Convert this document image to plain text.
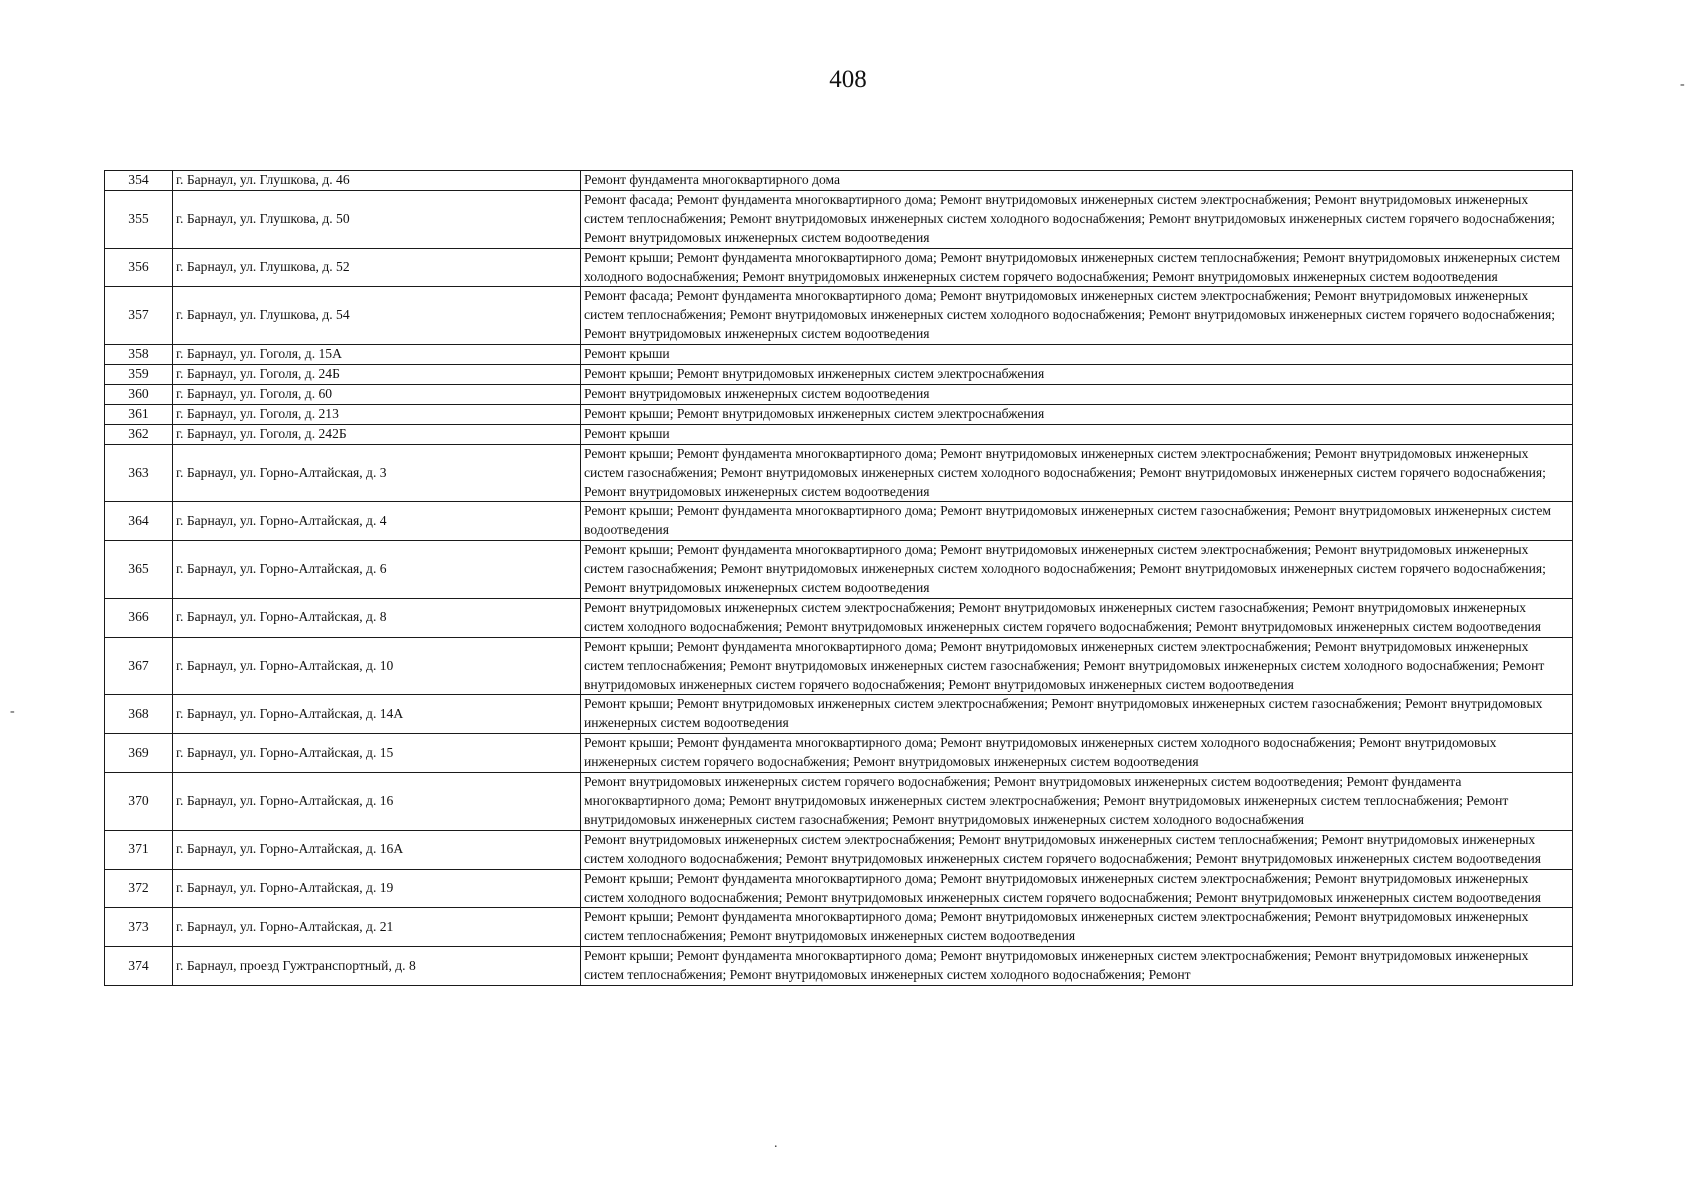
408
354	г. Барнаул, ул. Глушкова, д. 46	Ремонт фундамента многоквартирного дома
355	г. Барнаул, ул. Глушкова, д. 50	Ремонт фасада; Ремонт фундамента многоквартирного дома; Ремонт внутридомовых инженерных систем электроснабжения; Ремонт внутридомовых инженерных систем теплоснабжения; Ремонт внутридомовых инженерных систем холодного водоснабжения; Ремонт внутридомовых инженерных систем горячего водоснабжения; Ремонт внутридомовых инженерных систем водоотведения
356	г. Барнаул, ул. Глушкова, д. 52	Ремонт крыши; Ремонт фундамента многоквартирного дома; Ремонт внутридомовых инженерных систем теплоснабжения; Ремонт внутридомовых инженерных систем холодного водоснабжения; Ремонт внутридомовых инженерных систем горячего водоснабжения; Ремонт внутридомовых инженерных систем водоотведения
357	г. Барнаул, ул. Глушкова, д. 54	Ремонт фасада; Ремонт фундамента многоквартирного дома; Ремонт внутридомовых инженерных систем электроснабжения; Ремонт внутридомовых инженерных систем теплоснабжения; Ремонт внутридомовых инженерных систем холодного водоснабжения; Ремонт внутридомовых инженерных систем горячего водоснабжения; Ремонт внутридомовых инженерных систем водоотведения
358	г. Барнаул, ул. Гоголя, д. 15А	Ремонт крыши
359	г. Барнаул, ул. Гоголя, д. 24Б	Ремонт крыши; Ремонт внутридомовых инженерных систем электроснабжения
360	г. Барнаул, ул. Гоголя, д. 60	Ремонт внутридомовых инженерных систем водоотведения
361	г. Барнаул, ул. Гоголя, д. 213	Ремонт крыши; Ремонт внутридомовых инженерных систем электроснабжения
362	г. Барнаул, ул. Гоголя, д. 242Б	Ремонт крыши
363	г. Барнаул, ул. Горно-Алтайская, д. 3	Ремонт крыши; Ремонт фундамента многоквартирного дома; Ремонт внутридомовых инженерных систем электроснабжения; Ремонт внутридомовых инженерных систем газоснабжения; Ремонт внутридомовых инженерных систем холодного водоснабжения; Ремонт внутридомовых инженерных систем горячего водоснабжения; Ремонт внутридомовых инженерных систем водоотведения
364	г. Барнаул, ул. Горно-Алтайская, д. 4	Ремонт крыши; Ремонт фундамента многоквартирного дома; Ремонт внутридомовых инженерных систем газоснабжения; Ремонт внутридомовых инженерных систем водоотведения
365	г. Барнаул, ул. Горно-Алтайская, д. 6	Ремонт крыши; Ремонт фундамента многоквартирного дома; Ремонт внутридомовых инженерных систем электроснабжения; Ремонт внутридомовых инженерных систем газоснабжения; Ремонт внутридомовых инженерных систем холодного водоснабжения; Ремонт внутридомовых инженерных систем горячего водоснабжения; Ремонт внутридомовых инженерных систем водоотведения
366	г. Барнаул, ул. Горно-Алтайская, д. 8	Ремонт внутридомовых инженерных систем электроснабжения; Ремонт внутридомовых инженерных систем газоснабжения; Ремонт внутридомовых инженерных систем холодного водоснабжения; Ремонт внутридомовых инженерных систем горячего водоснабжения; Ремонт внутридомовых инженерных систем водоотведения
367	г. Барнаул, ул. Горно-Алтайская, д. 10	Ремонт крыши; Ремонт фундамента многоквартирного дома; Ремонт внутридомовых инженерных систем электроснабжения; Ремонт внутридомовых инженерных систем теплоснабжения; Ремонт внутридомовых инженерных систем газоснабжения; Ремонт внутридомовых инженерных систем холодного водоснабжения; Ремонт внутридомовых инженерных систем горячего водоснабжения; Ремонт внутридомовых инженерных систем водоотведения
368	г. Барнаул, ул. Горно-Алтайская, д. 14А	Ремонт крыши; Ремонт внутридомовых инженерных систем электроснабжения; Ремонт внутридомовых инженерных систем газоснабжения; Ремонт внутридомовых инженерных систем водоотведения
369	г. Барнаул, ул. Горно-Алтайская, д. 15	Ремонт крыши; Ремонт фундамента многоквартирного дома; Ремонт внутридомовых инженерных систем холодного водоснабжения; Ремонт внутридомовых инженерных систем горячего водоснабжения; Ремонт внутридомовых инженерных систем водоотведения
370	г. Барнаул, ул. Горно-Алтайская, д. 16	Ремонт внутридомовых инженерных систем горячего водоснабжения; Ремонт внутридомовых инженерных систем водоотведения; Ремонт фундамента многоквартирного дома; Ремонт внутридомовых инженерных систем электроснабжения; Ремонт внутридомовых инженерных систем теплоснабжения; Ремонт внутридомовых инженерных систем газоснабжения; Ремонт внутридомовых инженерных систем холодного водоснабжения
371	г. Барнаул, ул. Горно-Алтайская, д. 16А	Ремонт внутридомовых инженерных систем электроснабжения; Ремонт внутридомовых инженерных систем теплоснабжения; Ремонт внутридомовых инженерных систем холодного водоснабжения; Ремонт внутридомовых инженерных систем горячего водоснабжения; Ремонт внутридомовых инженерных систем водоотведения
372	г. Барнаул, ул. Горно-Алтайская, д. 19	Ремонт крыши; Ремонт фундамента многоквартирного дома; Ремонт внутридомовых инженерных систем электроснабжения; Ремонт внутридомовых инженерных систем холодного водоснабжения; Ремонт внутридомовых инженерных систем горячего водоснабжения; Ремонт внутридомовых инженерных систем водоотведения
373	г. Барнаул, ул. Горно-Алтайская, д. 21	Ремонт крыши; Ремонт фундамента многоквартирного дома; Ремонт внутридомовых инженерных систем электроснабжения; Ремонт внутридомовых инженерных систем теплоснабжения; Ремонт внутридомовых инженерных систем водоотведения
374	г. Барнаул, проезд Гужтранспортный, д. 8	Ремонт крыши; Ремонт фундамента многоквартирного дома; Ремонт внутридомовых инженерных систем электроснабжения; Ремонт внутридомовых инженерных систем теплоснабжения; Ремонт внутридомовых инженерных систем холодного водоснабжения; Ремонт
-
-
.
